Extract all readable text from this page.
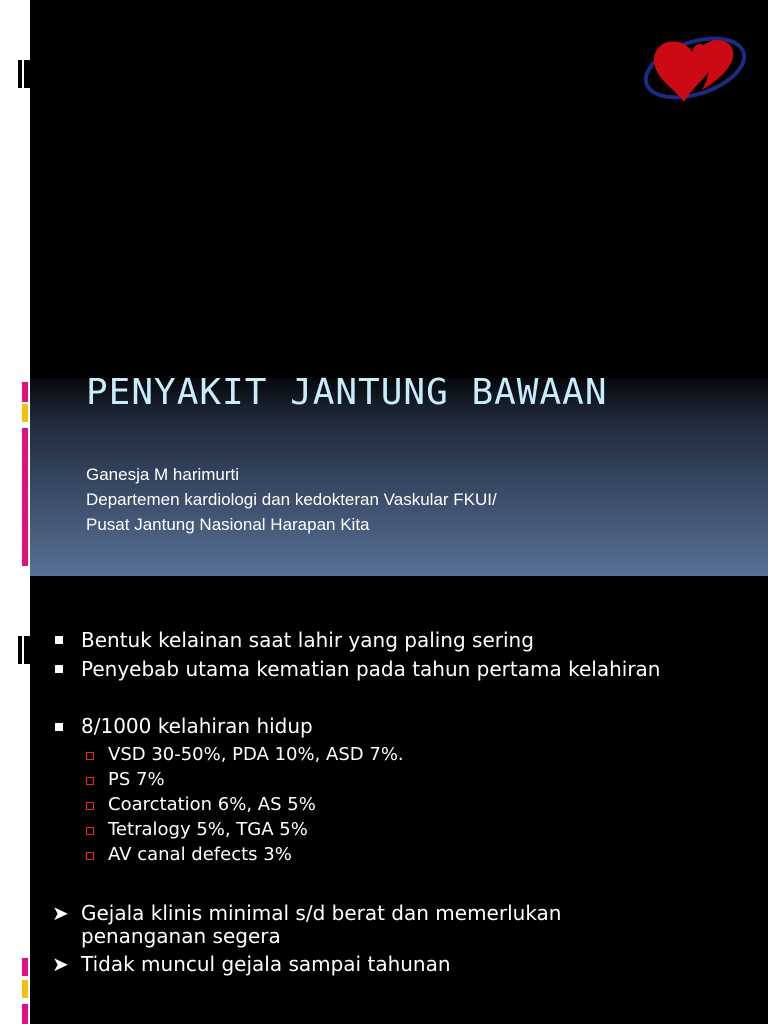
PENYAKIT JANTUNG BAWAAN
Ganesja M harimurti
Departemen kardiologi dan kedokteran Vaskular FKUI/
Pusat Jantung Nasional Harapan Kita
Bentuk kelainan saat lahir yang paling sering
Penyebab utama kematian pada tahun pertama kelahiran
8/1000 kelahiran hidup
VSD 30-50%, PDA 10%, ASD 7%.
PS 7%
Coarctation 6%, AS 5%
Tetralogy 5%, TGA 5%
AV canal defects 3%
➤ Gejala klinis minimal s/d berat dan memerlukan
penanganan segera
➤ Tidak muncul gejala sampai tahunan
